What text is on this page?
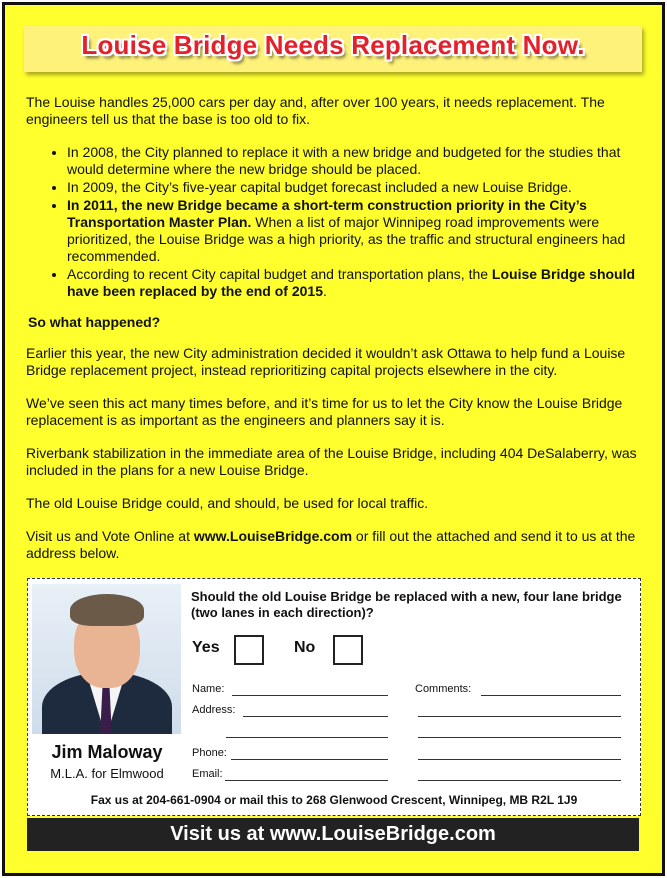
Louise Bridge Needs Replacement Now.

The Louise handles 25,000 cars per day and, after over 100 years, it needs replacement. The engineers tell us that the base is too old to fix.

• In 2008, the City planned to replace it with a new bridge and budgeted for the studies that would determine where the new bridge should be placed.
• In 2009, the City’s five-year capital budget forecast included a new Louise Bridge.
• In 2011, the new Bridge became a short-term construction priority in the City’s Transportation Master Plan. When a list of major Winnipeg road improvements were prioritized, the Louise Bridge was a high priority, as the traffic and structural engineers had recommended.
• According to recent City capital budget and transportation plans, the Louise Bridge should have been replaced by the end of 2015.

So what happened?

Earlier this year, the new City administration decided it wouldn’t ask Ottawa to help fund a Louise Bridge replacement project, instead reprioritizing capital projects elsewhere in the city.

We’ve seen this act many times before, and it’s time for us to let the City know the Louise Bridge replacement is as important as the engineers and planners say it is.

Riverbank stabilization in the immediate area of the Louise Bridge, including 404 DeSalaberry, was included in the plans for a new Louise Bridge.

The old Louise Bridge could, and should, be used for local traffic.

Visit us and Vote Online at www.LouiseBridge.com or fill out the attached and send it to us at the address below.

Jim Maloway
M.L.A. for Elmwood
Should the old Louise Bridge be replaced with a new, four lane bridge (two lanes in each direction)?
Yes	No
Name:
Address:
Phone:
Email:
Comments:
Fax us at 204-661-0904 or mail this to 268 Glenwood Crescent, Winnipeg, MB R2L 1J9
Visit us at www.LouiseBridge.com
